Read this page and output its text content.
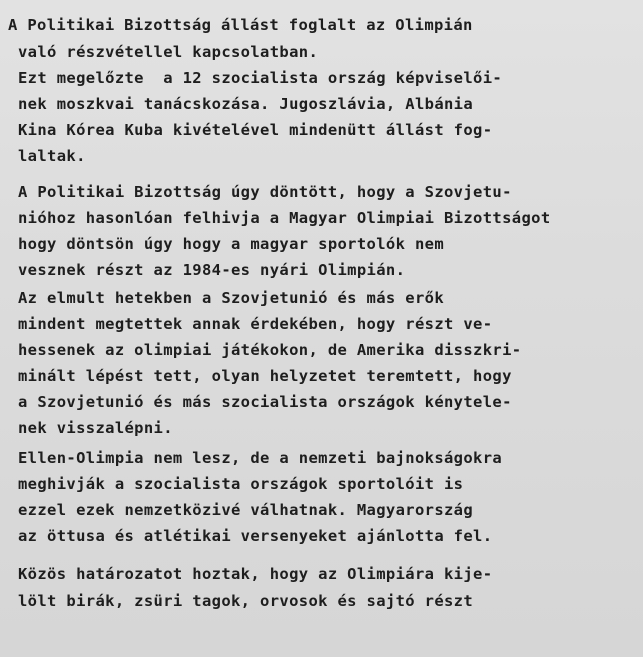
A Politikai Bizottság állást foglalt az Olimpián
való részvétellel kapcsolatban.
Ezt megelőzte  a 12 szocialista ország képviselői-
nek moszkvai tanácskozása. Jugoszlávia, Albánia
Kina Kórea Kuba kivételével mindenütt állást fog-
laltak.
A Politikai Bizottság úgy döntött, hogy a Szovjetu-
nióhoz hasonlóan felhivja a Magyar Olimpiai Bizottságot
hogy döntsön úgy hogy a magyar sportolók nem
vesznek részt az 1984-es nyári Olimpián.
Az elmult hetekben a Szovjetunió és más erők
mindent megtettek annak érdekében, hogy részt ve-
hessenek az olimpiai játékokon, de Amerika disszkri-
minált lépést tett, olyan helyzetet teremtett, hogy
a Szovjetunió és más szocialista országok kénytele-
nek visszalépni.
Ellen-Olimpia nem lesz, de a nemzeti bajnokságokra
meghivják a szocialista országok sportolóit is
ezzel ezek nemzetközivé válhatnak. Magyarország
az öttusa és atlétikai versenyeket ajánlotta fel.
Közös határozatot hoztak, hogy az Olimpiára kije-
lölt birák, zsüri tagok, orvosok és sajtó részt
